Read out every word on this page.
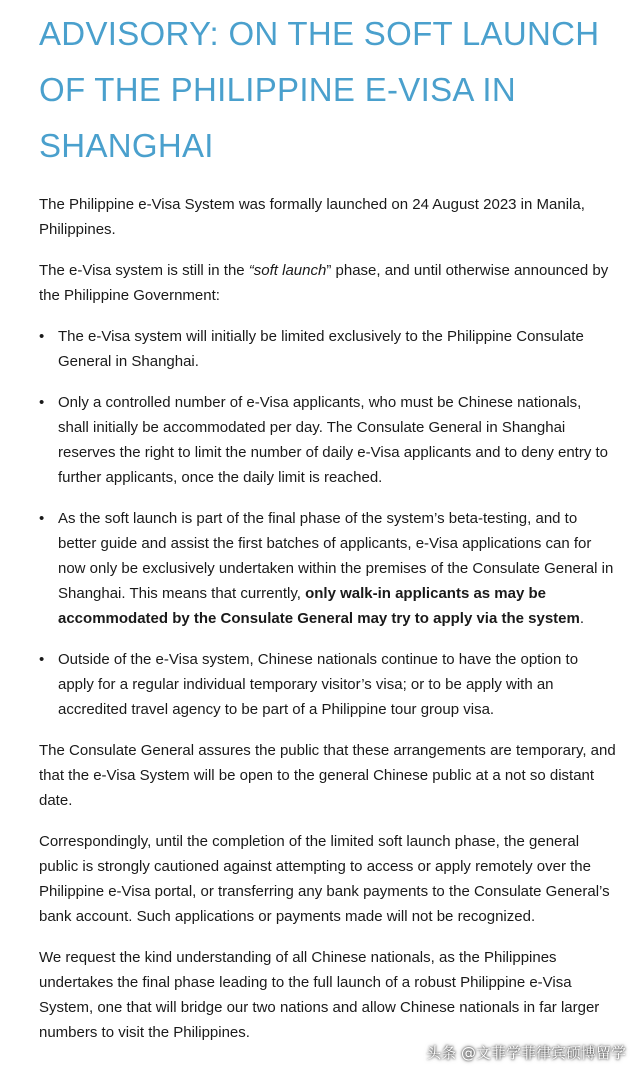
ADVISORY: ON THE SOFT LAUNCH OF THE PHILIPPINE E-VISA IN SHANGHAI

The Philippine e-Visa System was formally launched on 24 August 2023 in Manila, Philippines.

The e-Visa system is still in the “soft launch” phase, and until otherwise announced by the Philippine Government:

• The e-Visa system will initially be limited exclusively to the Philippine Consulate General in Shanghai.
• Only a controlled number of e-Visa applicants, who must be Chinese nationals, shall initially be accommodated per day. The Consulate General in Shanghai reserves the right to limit the number of daily e-Visa applicants and to deny entry to further applicants, once the daily limit is reached.
• As the soft launch is part of the final phase of the system’s beta-testing, and to better guide and assist the first batches of applicants, e-Visa applications can for now only be exclusively undertaken within the premises of the Consulate General in Shanghai. This means that currently, only walk-in applicants as may be accommodated by the Consulate General may try to apply via the system.
• Outside of the e-Visa system, Chinese nationals continue to have the option to apply for a regular individual temporary visitor’s visa; or to be apply with an accredited travel agency to be part of a Philippine tour group visa.

The Consulate General assures the public that these arrangements are temporary, and that the e-Visa System will be open to the general Chinese public at a not so distant date.

Correspondingly, until the completion of the limited soft launch phase, the general public is strongly cautioned against attempting to access or apply remotely over the Philippine e-Visa portal, or transferring any bank payments to the Consulate General’s bank account. Such applications or payments made will not be recognized.

We request the kind understanding of all Chinese nationals, as the Philippines undertakes the final phase leading to the full launch of a robust Philippine e-Visa System, one that will bridge our two nations and allow Chinese nationals in far larger numbers to visit the Philippines.

头条 @文菲学菲律宾硕博留学
